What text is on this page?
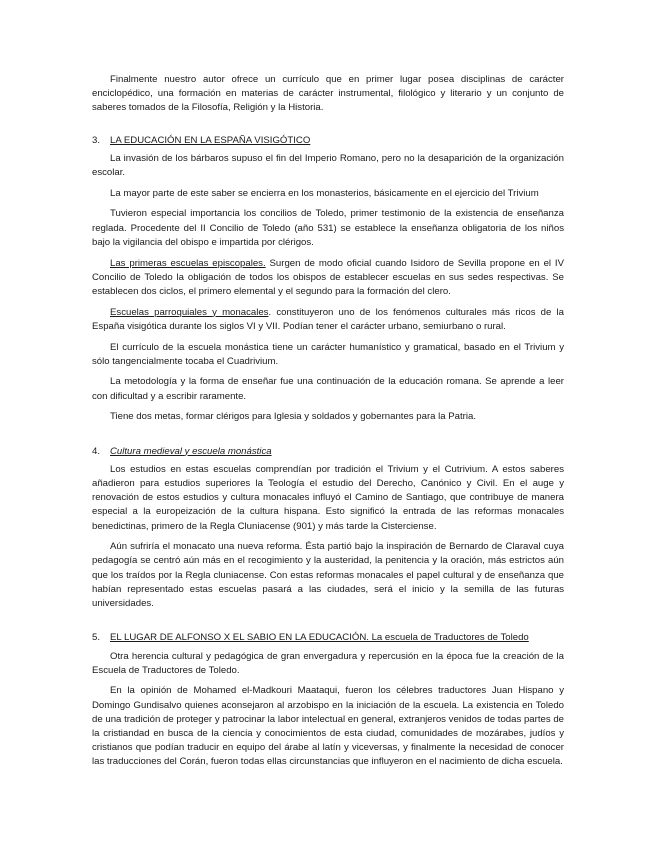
Finalmente nuestro autor ofrece un currículo que en primer lugar posea disciplinas de carácter enciclopédico, una formación en materias de carácter instrumental, filológico y literario y un conjunto de saberes tomados de la Filosofía, Religión y la Historia.

3. LA EDUCACIÓN EN LA ESPAÑA VISIGÓTICO

La invasión de los bárbaros supuso el fin del Imperio Romano, pero no la desaparición de la organización escolar.

La mayor parte de este saber se encierra en los monasterios, básicamente en el ejercicio del Trivium

Tuvieron especial importancia los concilios de Toledo, primer testimonio de la existencia de enseñanza reglada. Procedente del II Concilio de Toledo (año 531) se establece la enseñanza obligatoria de los niños bajo la vigilancia del obispo e impartida por clérigos.

Las primeras escuelas episcopales. Surgen de modo oficial cuando Isidoro de Sevilla propone en el IV Concilio de Toledo la obligación de todos los obispos de establecer escuelas en sus sedes respectivas. Se establecen dos ciclos, el primero elemental y el segundo para la formación del clero.

Escuelas parroquiales y monacales. constituyeron uno de los fenómenos culturales más ricos de la España visigótica durante los siglos VI y VII. Podían tener el carácter urbano, semiurbano o rural.

El currículo de la escuela monástica tiene un carácter humanístico y gramatical, basado en el Trivium y sólo tangencialmente tocaba el Cuadrivium.

La metodología y la forma de enseñar fue una continuación de la educación romana. Se aprende a leer con dificultad y a escribir raramente.

Tiene dos metas, formar clérigos para Iglesia y soldados y gobernantes para la Patria.

4. Cultura medieval y escuela monástica

Los estudios en estas escuelas comprendían por tradición el Trivium y el Cutrivium. A estos saberes añadieron para estudios superiores la Teología el estudio del Derecho, Canónico y Civil. En el auge y renovación de estos estudios y cultura monacales influyó el Camino de Santiago, que contribuye de manera especial a la europeización de la cultura hispana. Esto significó la entrada de las reformas monacales benedictinas, primero de la Regla Cluniacense (901) y más tarde la Cisterciense.

Aún sufriría el monacato una nueva reforma. Ésta partió bajo la inspiración de Bernardo de Claraval cuya pedagogía se centró aún más en el recogimiento y la austeridad, la penitencia y la oración, más estrictos aún que los traídos por la Regla cluniacense. Con estas reformas monacales el papel cultural y de enseñanza que habían representado estas escuelas pasará a las ciudades, será el inicio y la semilla de las futuras universidades.

5. EL LUGAR DE ALFONSO X EL SABIO EN LA EDUCACIÓN. La escuela de Traductores de Toledo

Otra herencia cultural y pedagógica de gran envergadura y repercusión en la época fue la creación de la Escuela de Traductores de Toledo.

En la opinión de Mohamed el-Madkouri Maataqui, fueron los célebres traductores Juan Hispano y Domingo Gundisalvo quienes aconsejaron al arzobispo en la iniciación de la escuela. La existencia en Toledo de una tradición de proteger y patrocinar la labor intelectual en general, extranjeros venidos de todas partes de la cristiandad en busca de la ciencia y conocimientos de esta ciudad, comunidades de mozárabes, judíos y cristianos que podían traducir en equipo del árabe al latín y viceversas, y finalmente la necesidad de conocer las traducciones del Corán, fueron todas ellas circunstancias que influyeron en el nacimiento de dicha escuela.
